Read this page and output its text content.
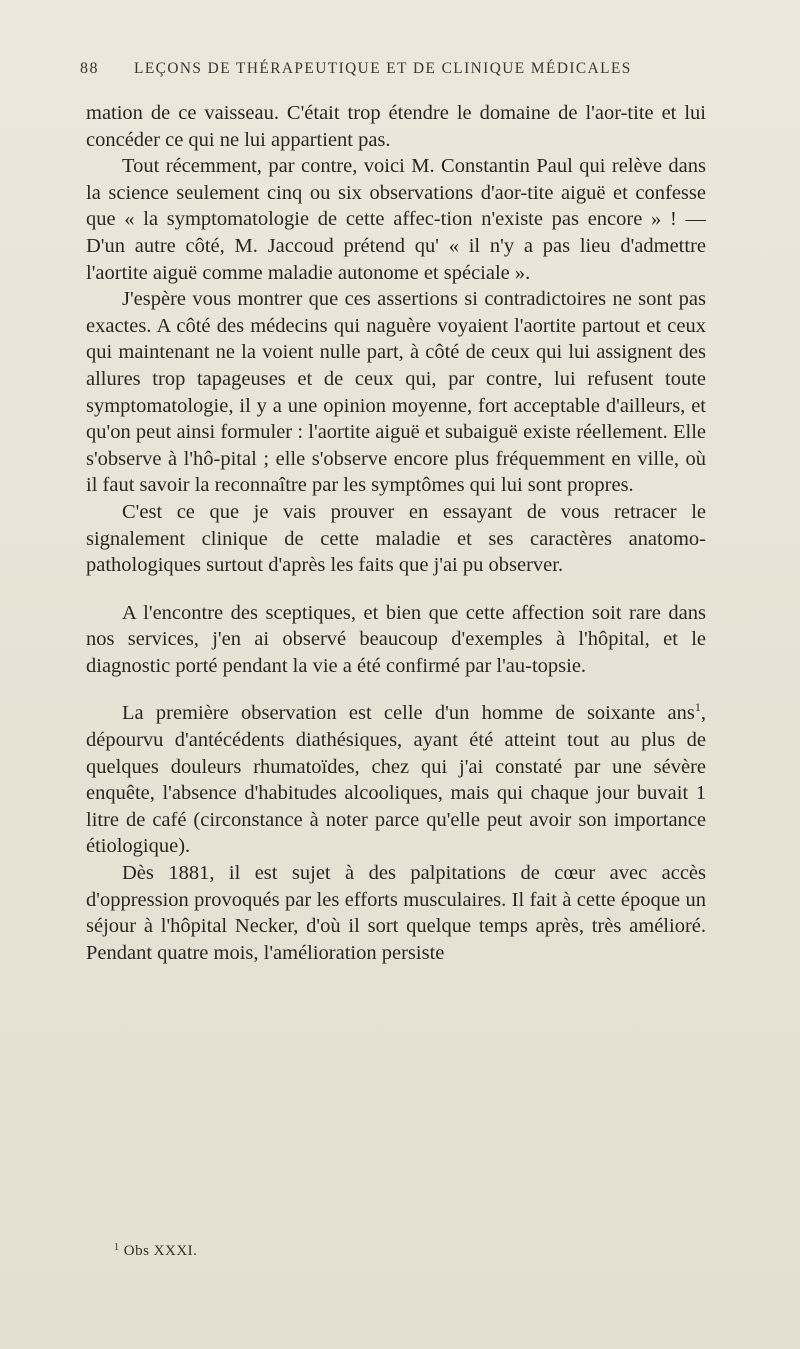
88 LEÇONS DE THÉRAPEUTIQUE ET DE CLINIQUE MÉDICALES

mation de ce vaisseau. C'était trop étendre le domaine de l'aor-tite et lui concéder ce qui ne lui appartient pas.

Tout récemment, par contre, voici M. Constantin Paul qui relève dans la science seulement cinq ou six observations d'aor-tite aiguë et confesse que « la symptomatologie de cette affec-tion n'existe pas encore » ! — D'un autre côté, M. Jaccoud prétend qu' « il n'y a pas lieu d'admettre l'aortite aiguë comme maladie autonome et spéciale ».

J'espère vous montrer que ces assertions si contradictoires ne sont pas exactes. A côté des médecins qui naguère voyaient l'aortite partout et ceux qui maintenant ne la voient nulle part, à côté de ceux qui lui assignent des allures trop tapageuses et de ceux qui, par contre, lui refusent toute symptomatologie, il y a une opinion moyenne, fort acceptable d'ailleurs, et qu'on peut ainsi formuler : l'aortite aiguë et subaiguë existe réellement. Elle s'observe à l'hô-pital ; elle s'observe encore plus fréquemment en ville, où il faut savoir la reconnaître par les symptômes qui lui sont propres.

C'est ce que je vais prouver en essayant de vous retracer le signalement clinique de cette maladie et ses caractères anatomo-pathologiques surtout d'après les faits que j'ai pu observer.

A l'encontre des sceptiques, et bien que cette affection soit rare dans nos services, j'en ai observé beaucoup d'exemples à l'hôpital, et le diagnostic porté pendant la vie a été confirmé par l'au-topsie.

La première observation est celle d'un homme de soixante ans$^1$, dépourvu d'antécédents diathésiques, ayant été atteint tout au plus de quelques douleurs rhumatoïdes, chez qui j'ai constaté par une sévère enquête, l'absence d'habitudes alcooliques, mais qui chaque jour buvait 1 litre de café (circonstance à noter parce qu'elle peut avoir son importance étiologique).

Dès 1881, il est sujet à des palpitations de cœur avec accès d'oppression provoqués par les efforts musculaires. Il fait à cette époque un séjour à l'hôpital Necker, d'où il sort quelque temps après, très amélioré. Pendant quatre mois, l'amélioration persiste

$^1$ Obs XXXI.
